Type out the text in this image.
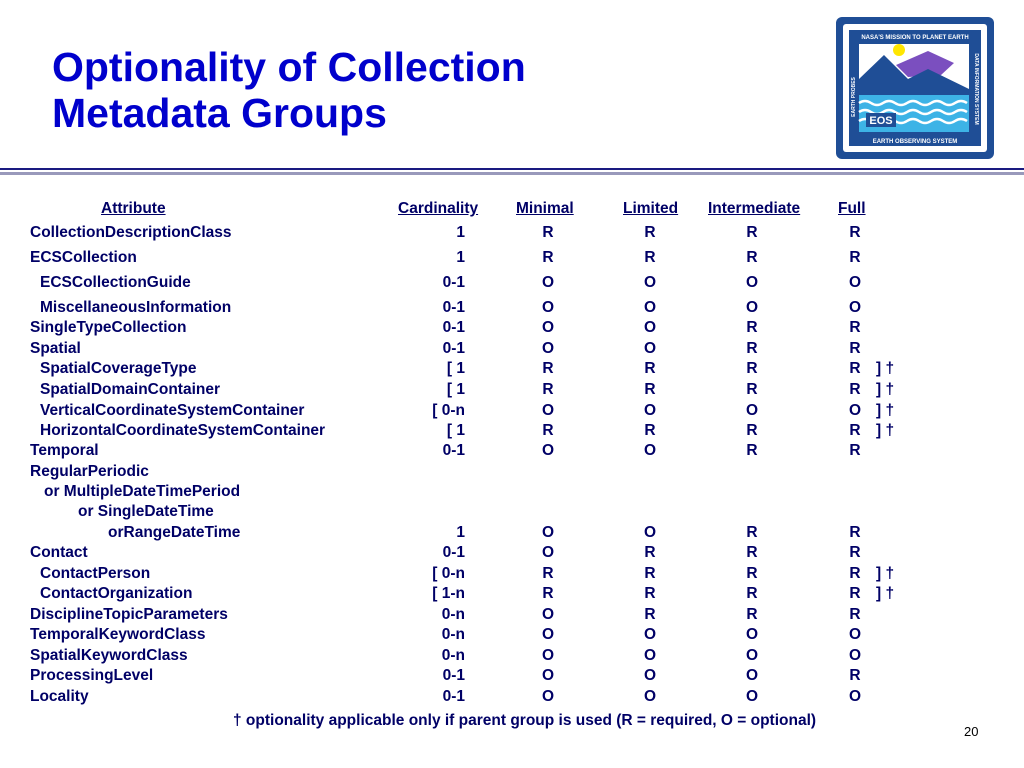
Optionality of Collection
Metadata Groups
NASA'S MISSION TO PLANET EARTH
EARTH OBSERVING SYSTEM
EARTH PROBES	DATA INFORMATION SYSTEM
EOS
Attribute	Cardinality Minimal	Limited Intermediate Full
CollectionDescriptionClass	1	R	R	R	R
ECSCollection	1	R	R	R	R
ECSCollectionGuide	0-1	O	O	O	O
MiscellaneousInformation	0-1	O	O	O	O
SingleTypeCollection	0-1	O	O	R	R
Spatial	0-1	O	O	R	R
SpatialCoverageType	[ 1	R	R	R	R ] †
SpatialDomainContainer	[ 1	R	R	R	R ] †
VerticalCoordinateSystemContainer	[ 0-n	O	O	O	O ] †
HorizontalCoordinateSystemContainer	[ 1	R	R	R	R ] †
Temporal	0-1	O	O	R	R
RegularPeriodic
or MultipleDateTimePeriod
or SingleDateTime
orRangeDateTime	1	O	O	R	R
Contact	0-1	O	R	R	R
ContactPerson	[ 0-n	R	R	R	R ] †
ContactOrganization	[ 1-n	R	R	R	R ] †
DisciplineTopicParameters	0-n	O	R	R	R
TemporalKeywordClass	0-n	O	O	O	O
SpatialKeywordClass	0-n	O	O	O	O
ProcessingLevel	0-1	O	O	O	R
Locality	0-1	O	O	O	O
† optionality applicable only if parent group is used (R = required, O = optional)
20
